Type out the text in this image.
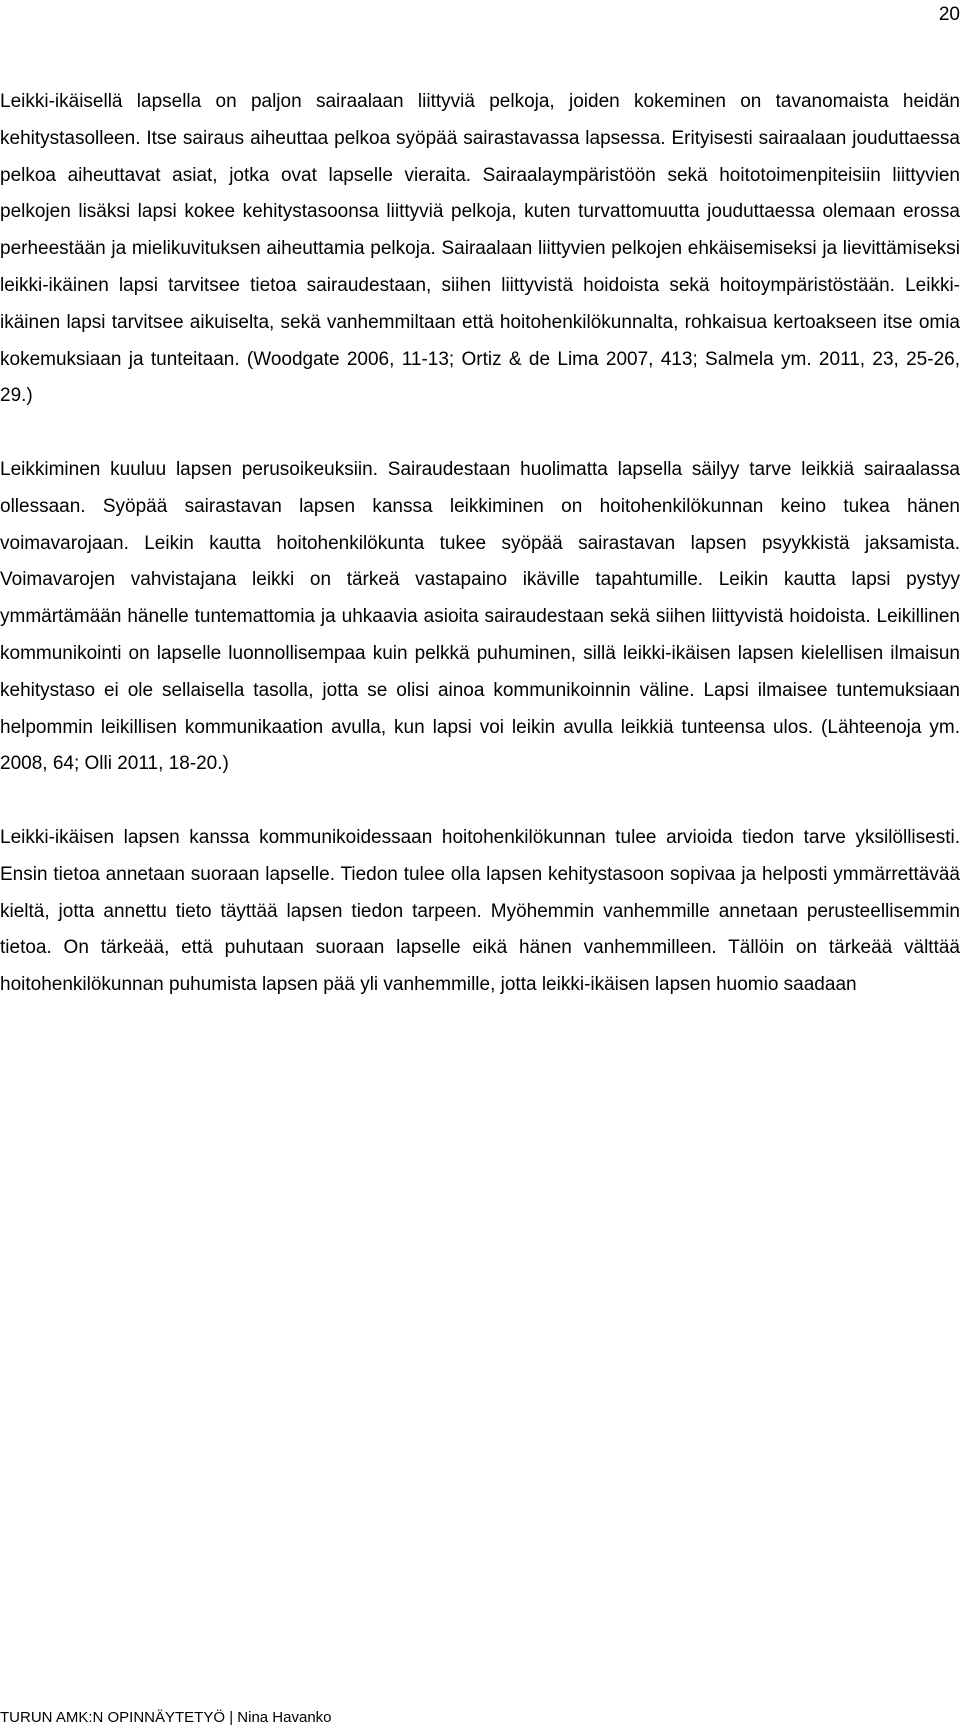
20

Leikki-ikäisellä lapsella on paljon sairaalaan liittyviä pelkoja, joiden kokeminen on tavanomaista heidän kehitystasolleen. Itse sairaus aiheuttaa pelkoa syöpää sairastavassa lapsessa. Erityisesti sairaalaan jouduttaessa pelkoa aiheuttavat asiat, jotka ovat lapselle vieraita. Sairaalaympäristöön sekä hoitotoimenpiteisiin liittyvien pelkojen lisäksi lapsi kokee kehitystasoonsa liittyviä pelkoja, kuten turvattomuutta jouduttaessa olemaan erossa perheestään ja mielikuvituksen aiheuttamia pelkoja. Sairaalaan liittyvien pelkojen ehkäisemiseksi ja lievittämiseksi leikki-ikäinen lapsi tarvitsee tietoa sairaudestaan, siihen liittyvistä hoidoista sekä hoitoympäristöstään. Leikki-ikäinen lapsi tarvitsee aikuiselta, sekä vanhemmiltaan että hoitohenkilökunnalta, rohkaisua kertoakseen itse omia kokemuksiaan ja tunteitaan. (Woodgate 2006, 11-13; Ortiz & de Lima 2007, 413; Salmela ym. 2011, 23, 25-26, 29.)

Leikkiminen kuuluu lapsen perusoikeuksiin. Sairaudestaan huolimatta lapsella säilyy tarve leikkiä sairaalassa ollessaan. Syöpää sairastavan lapsen kanssa leikkiminen on hoitohenkilökunnan keino tukea hänen voimavarojaan. Leikin kautta hoitohenkilökunta tukee syöpää sairastavan lapsen psyykkistä jaksamista. Voimavarojen vahvistajana leikki on tärkeä vastapaino ikäville tapahtumille. Leikin kautta lapsi pystyy ymmärtämään hänelle tuntemattomia ja uhkaavia asioita sairaudestaan sekä siihen liittyvistä hoidoista. Leikillinen kommunikointi on lapselle luonnollisempaa kuin pelkkä puhuminen, sillä leikki-ikäisen lapsen kielellisen ilmaisun kehitystaso ei ole sellaisella tasolla, jotta se olisi ainoa kommunikoinnin väline. Lapsi ilmaisee tuntemuksiaan helpommin leikillisen kommunikaation avulla, kun lapsi voi leikin avulla leikkiä tunteensa ulos. (Lähteenoja ym. 2008, 64; Olli 2011, 18-20.)

Leikki-ikäisen lapsen kanssa kommunikoidessaan hoitohenkilökunnan tulee arvioida tiedon tarve yksilöllisesti. Ensin tietoa annetaan suoraan lapselle. Tiedon tulee olla lapsen kehitystasoon sopivaa ja helposti ymmärrettävää kieltä, jotta annettu tieto täyttää lapsen tiedon tarpeen. Myöhemmin vanhemmille annetaan perusteellisemmin tietoa. On tärkeää, että puhutaan suoraan lapselle eikä hänen vanhemmilleen. Tällöin on tärkeää välttää hoitohenkilökunnan puhumista lapsen pää yli vanhemmille, jotta leikki-ikäisen lapsen huomio saadaan

TURUN AMK:N OPINNÄYTETYÖ | Nina Havanko
